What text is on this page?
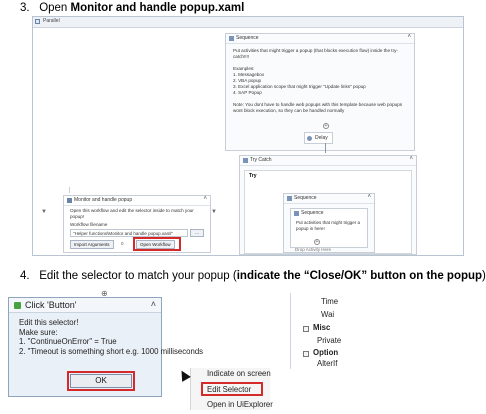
3. Open Monitor and handle popup.xaml
Parallel
Sequence	˄

Put activities that might trigger a popup (that blocks execution flow) inside the try-catch!!!!

Examples:
1. Messagebox
2. VBA popup
3. Excel application scope that might trigger "Update links" popup

4. SAP Popup

Note: You dont have to handle web popups with this template because web popups wont block execution, so they can be handled normally

+
Delay
Try Catch	˄
Try
Sequence	˄
Sequence
Put activities that might trigger a popup in here!
+
Drop Activity Here
Monitor and handle popup	˄
Open this workflow and edit the selector inside to match your popup!
Workflow filename
"Helper functions\Monitor and handle popup.xaml"	...
Import Arguments	0	Open Workflow
▼	▼
4. Edit the selector to match your popup (indicate the “Close/OK” button on the popup)
Click 'Button'	˄
Edit this selector!
Make sure:
1. "ContinueOnError" = True
2. "Timeout is something short e.g. 1000 milliseconds
⊕
OK
Time
Wai
Misc
Private
Option
AlterIf
Indicate on screen
Edit Selector
Open in UiExplorer
